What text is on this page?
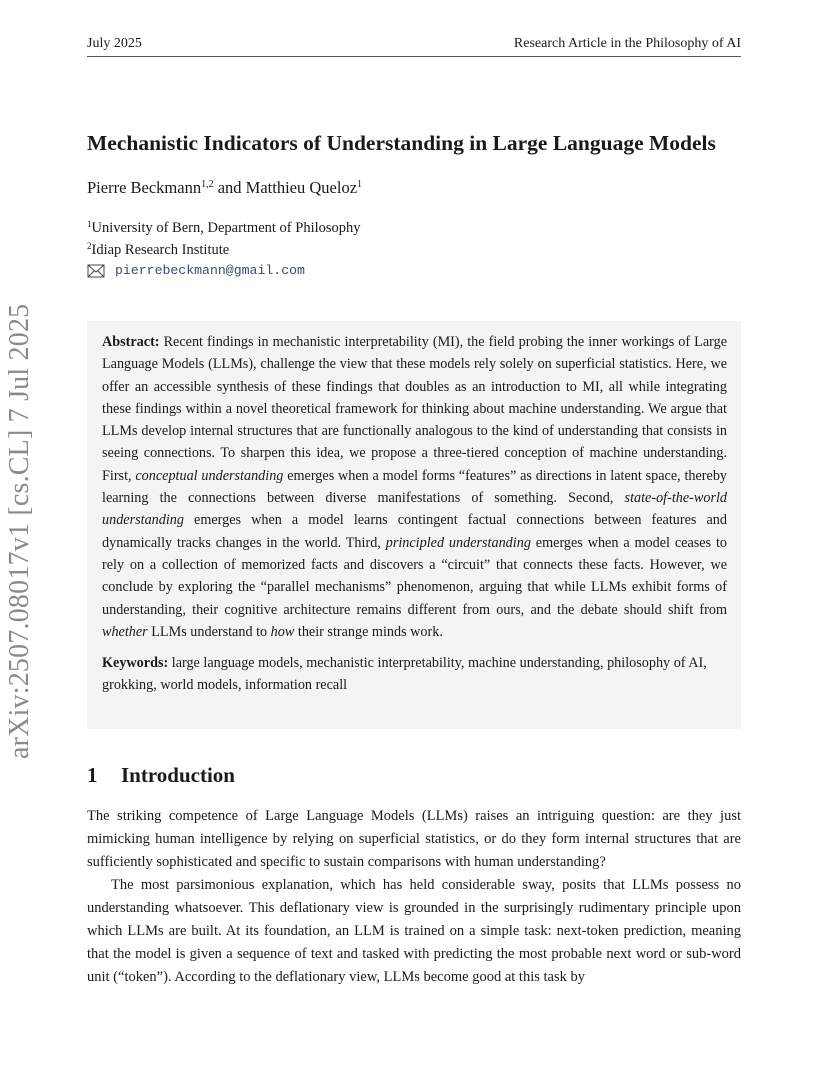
July 2025	Research Article in the Philosophy of AI
arXiv:2507.08017v1 [cs.CL] 7 Jul 2025
Mechanistic Indicators of Understanding in Large Language Models
Pierre Beckmann$^{1,2}$ and Matthieu Queloz$^1$
$^1$University of Bern, Department of Philosophy
$^2$Idiap Research Institute
pierrebeckmann@gmail.com

Abstract: Recent findings in mechanistic interpretability (MI), the field probing the inner workings of Large Language Models (LLMs), challenge the view that these models rely solely on superficial statistics. Here, we offer an accessible synthesis of these findings that doubles as an introduction to MI, all while integrating these findings within a novel theoretical framework for thinking about machine understanding. We argue that LLMs develop internal structures that are functionally analogous to the kind of understanding that consists in seeing connections. To sharpen this idea, we propose a three-tiered conception of machine understanding. First, conceptual understanding emerges when a model forms “features” as directions in latent space, thereby learning the connections between diverse manifestations of something. Second, state-of-the-world understanding emerges when a model learns contingent factual connections between features and dynamically tracks changes in the world. Third, principled understanding emerges when a model ceases to rely on a collection of memorized facts and discovers a “circuit” that connects these facts. However, we conclude by exploring the “parallel mechanisms” phenomenon, arguing that while LLMs exhibit forms of understanding, their cognitive architecture remains different from ours, and the debate should shift from whether LLMs understand to how their strange minds work.

Keywords: large language models, mechanistic interpretability, machine understanding, philosophy of AI, grokking, world models, information recall

1 Introduction

The striking competence of Large Language Models (LLMs) raises an intriguing question: are they just mimicking human intelligence by relying on superficial statistics, or do they form internal structures that are sufficiently sophisticated and specific to sustain comparisons with human understanding?

The most parsimonious explanation, which has held considerable sway, posits that LLMs possess no understanding whatsoever. This deflationary view is grounded in the surprisingly rudimentary principle upon which LLMs are built. At its foundation, an LLM is trained on a simple task: next-token prediction, meaning that the model is given a sequence of text and tasked with predicting the most probable next word or sub-word unit (“token”). According to the deflationary view, LLMs become good at this task by
